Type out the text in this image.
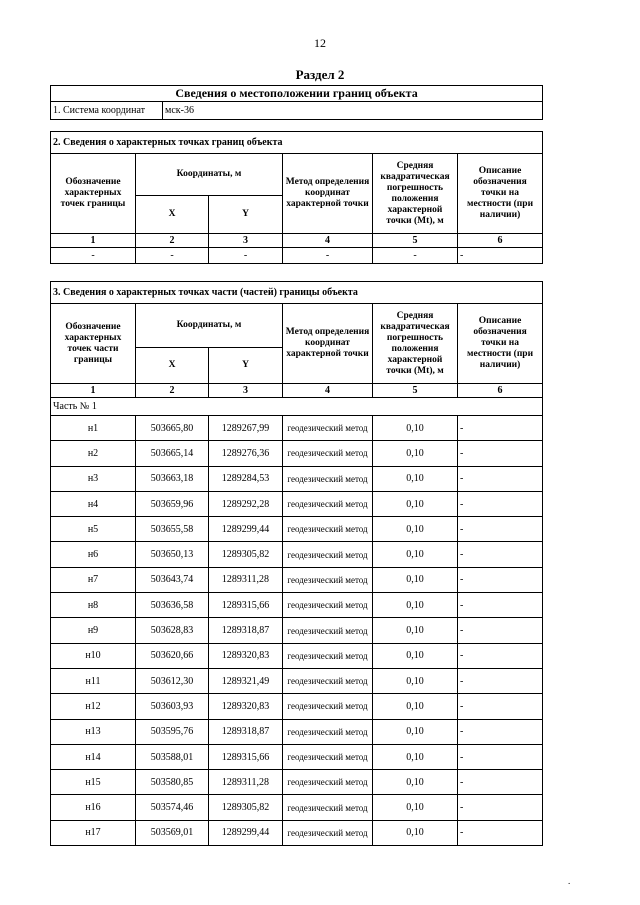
12
Раздел 2
Сведения о местоположении границ объекта
1. Система координат	мск-36
2. Сведения о характерных точках границ объекта					
Обозначение характерных точек границы	Координаты, м		Метод определения координат характерной точки	Средняя квадратическая погрешность положения характерной точки (Mt), м	Описание обозначения точки на местности (при наличии)
	X	Y			
1	2	3	4	5	6
-	-	-	-	-	-
3. Сведения о характерных точках части (частей) границы объекта					
Обозначение характерных точек части границы	Координаты, м		Метод определения координат характерной точки	Средняя квадратическая погрешность положения характерной точки (Mt), м	Описание обозначения точки на местности (при наличии)
	X	Y			
1	2	3	4	5	6
Часть № 1					
н1	503665,80	1289267,99	геодезический метод	0,10	-
н2	503665,14	1289276,36	геодезический метод	0,10	-
н3	503663,18	1289284,53	геодезический метод	0,10	-
н4	503659,96	1289292,28	геодезический метод	0,10	-
н5	503655,58	1289299,44	геодезический метод	0,10	-
н6	503650,13	1289305,82	геодезический метод	0,10	-
н7	503643,74	1289311,28	геодезический метод	0,10	-
н8	503636,58	1289315,66	геодезический метод	0,10	-
н9	503628,83	1289318,87	геодезический метод	0,10	-
н10	503620,66	1289320,83	геодезический метод	0,10	-
н11	503612,30	1289321,49	геодезический метод	0,10	-
н12	503603,93	1289320,83	геодезический метод	0,10	-
н13	503595,76	1289318,87	геодезический метод	0,10	-
н14	503588,01	1289315,66	геодезический метод	0,10	-
н15	503580,85	1289311,28	геодезический метод	0,10	-
н16	503574,46	1289305,82	геодезический метод	0,10	-
н17	503569,01	1289299,44	геодезический метод	0,10	-
.
